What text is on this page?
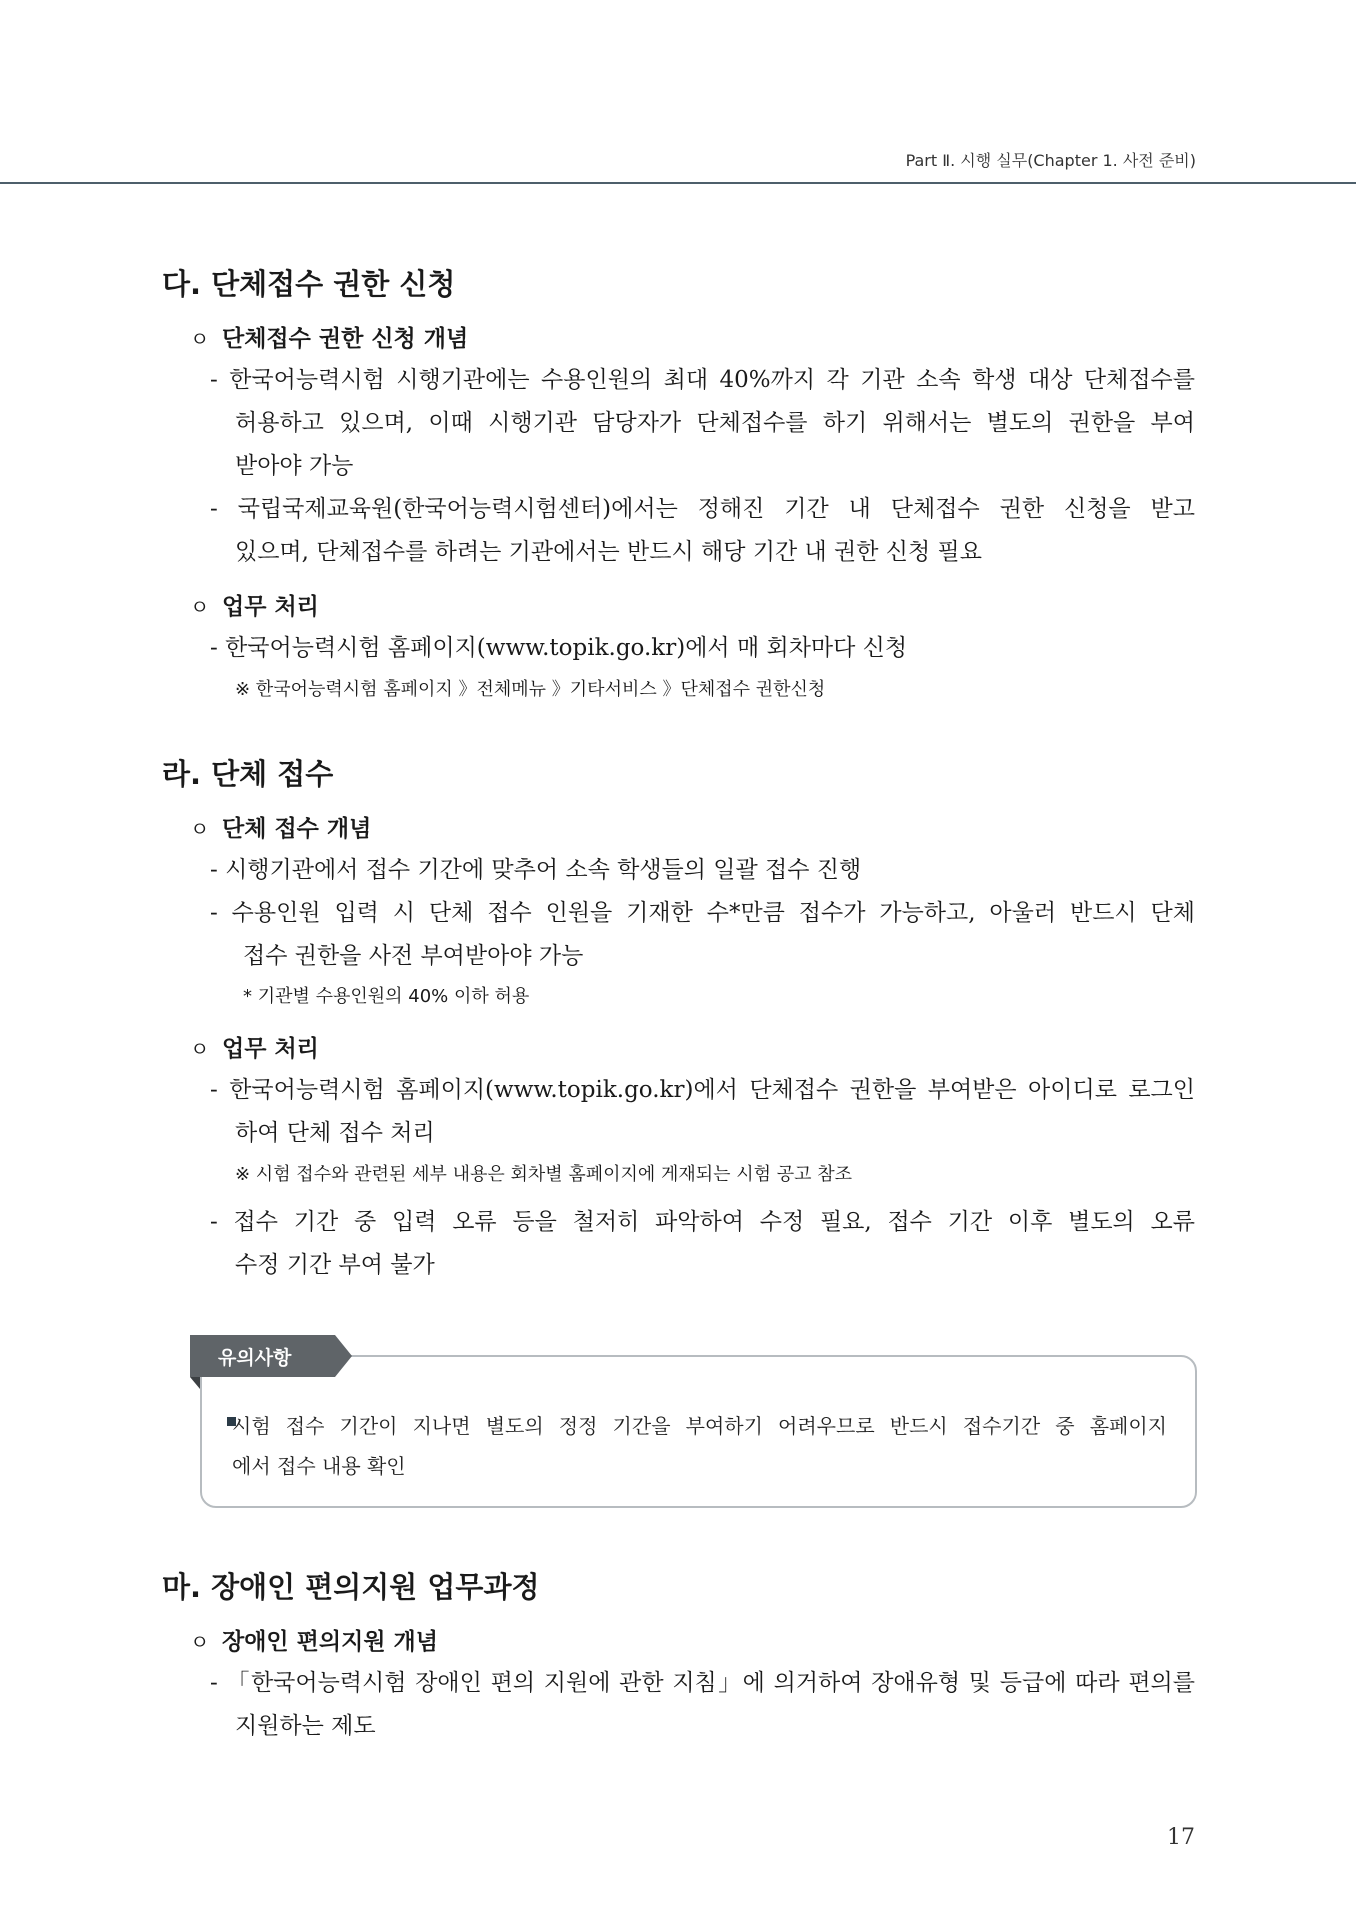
Part Ⅱ. 시행 실무(Chapter 1. 사전 준비)
다. 단체접수 권한 신청
ㅇ 단체접수 권한 신청 개념
- 한국어능력시험 시행기관에는 수용인원의 최대 40%까지 각 기관 소속 학생 대상 단체접수를
허용하고 있으며, 이때 시행기관 담당자가 단체접수를 하기 위해서는 별도의 권한을 부여
받아야 가능
- 국립국제교육원(한국어능력시험센터)에서는 정해진 기간 내 단체접수 권한 신청을 받고
있으며, 단체접수를 하려는 기관에서는 반드시 해당 기간 내 권한 신청 필요
ㅇ 업무 처리
- 한국어능력시험 홈페이지(www.topik.go.kr)에서 매 회차마다 신청
※ 한국어능력시험 홈페이지 》전체메뉴 》기타서비스 》단체접수 권한신청
라. 단체 접수
ㅇ 단체 접수 개념
- 시행기관에서 접수 기간에 맞추어 소속 학생들의 일괄 접수 진행
- 수용인원 입력 시 단체 접수 인원을 기재한 수*만큼 접수가 가능하고, 아울러 반드시 단체
접수 권한을 사전 부여받아야 가능
* 기관별 수용인원의 40% 이하 허용
ㅇ 업무 처리
- 한국어능력시험 홈페이지(www.topik.go.kr)에서 단체접수 권한을 부여받은 아이디로 로그인
하여 단체 접수 처리
※ 시험 접수와 관련된 세부 내용은 회차별 홈페이지에 게재되는 시험 공고 참조
- 접수 기간 중 입력 오류 등을 철저히 파악하여 수정 필요, 접수 기간 이후 별도의 오류
수정 기간 부여 불가
유의사항
시험 접수 기간이 지나면 별도의 정정 기간을 부여하기 어려우므로 반드시 접수기간 중 홈페이지
에서 접수 내용 확인
마. 장애인 편의지원 업무과정
ㅇ 장애인 편의지원 개념
- 「한국어능력시험 장애인 편의 지원에 관한 지침」에 의거하여 장애유형 및 등급에 따라 편의를
지원하는 제도
17
